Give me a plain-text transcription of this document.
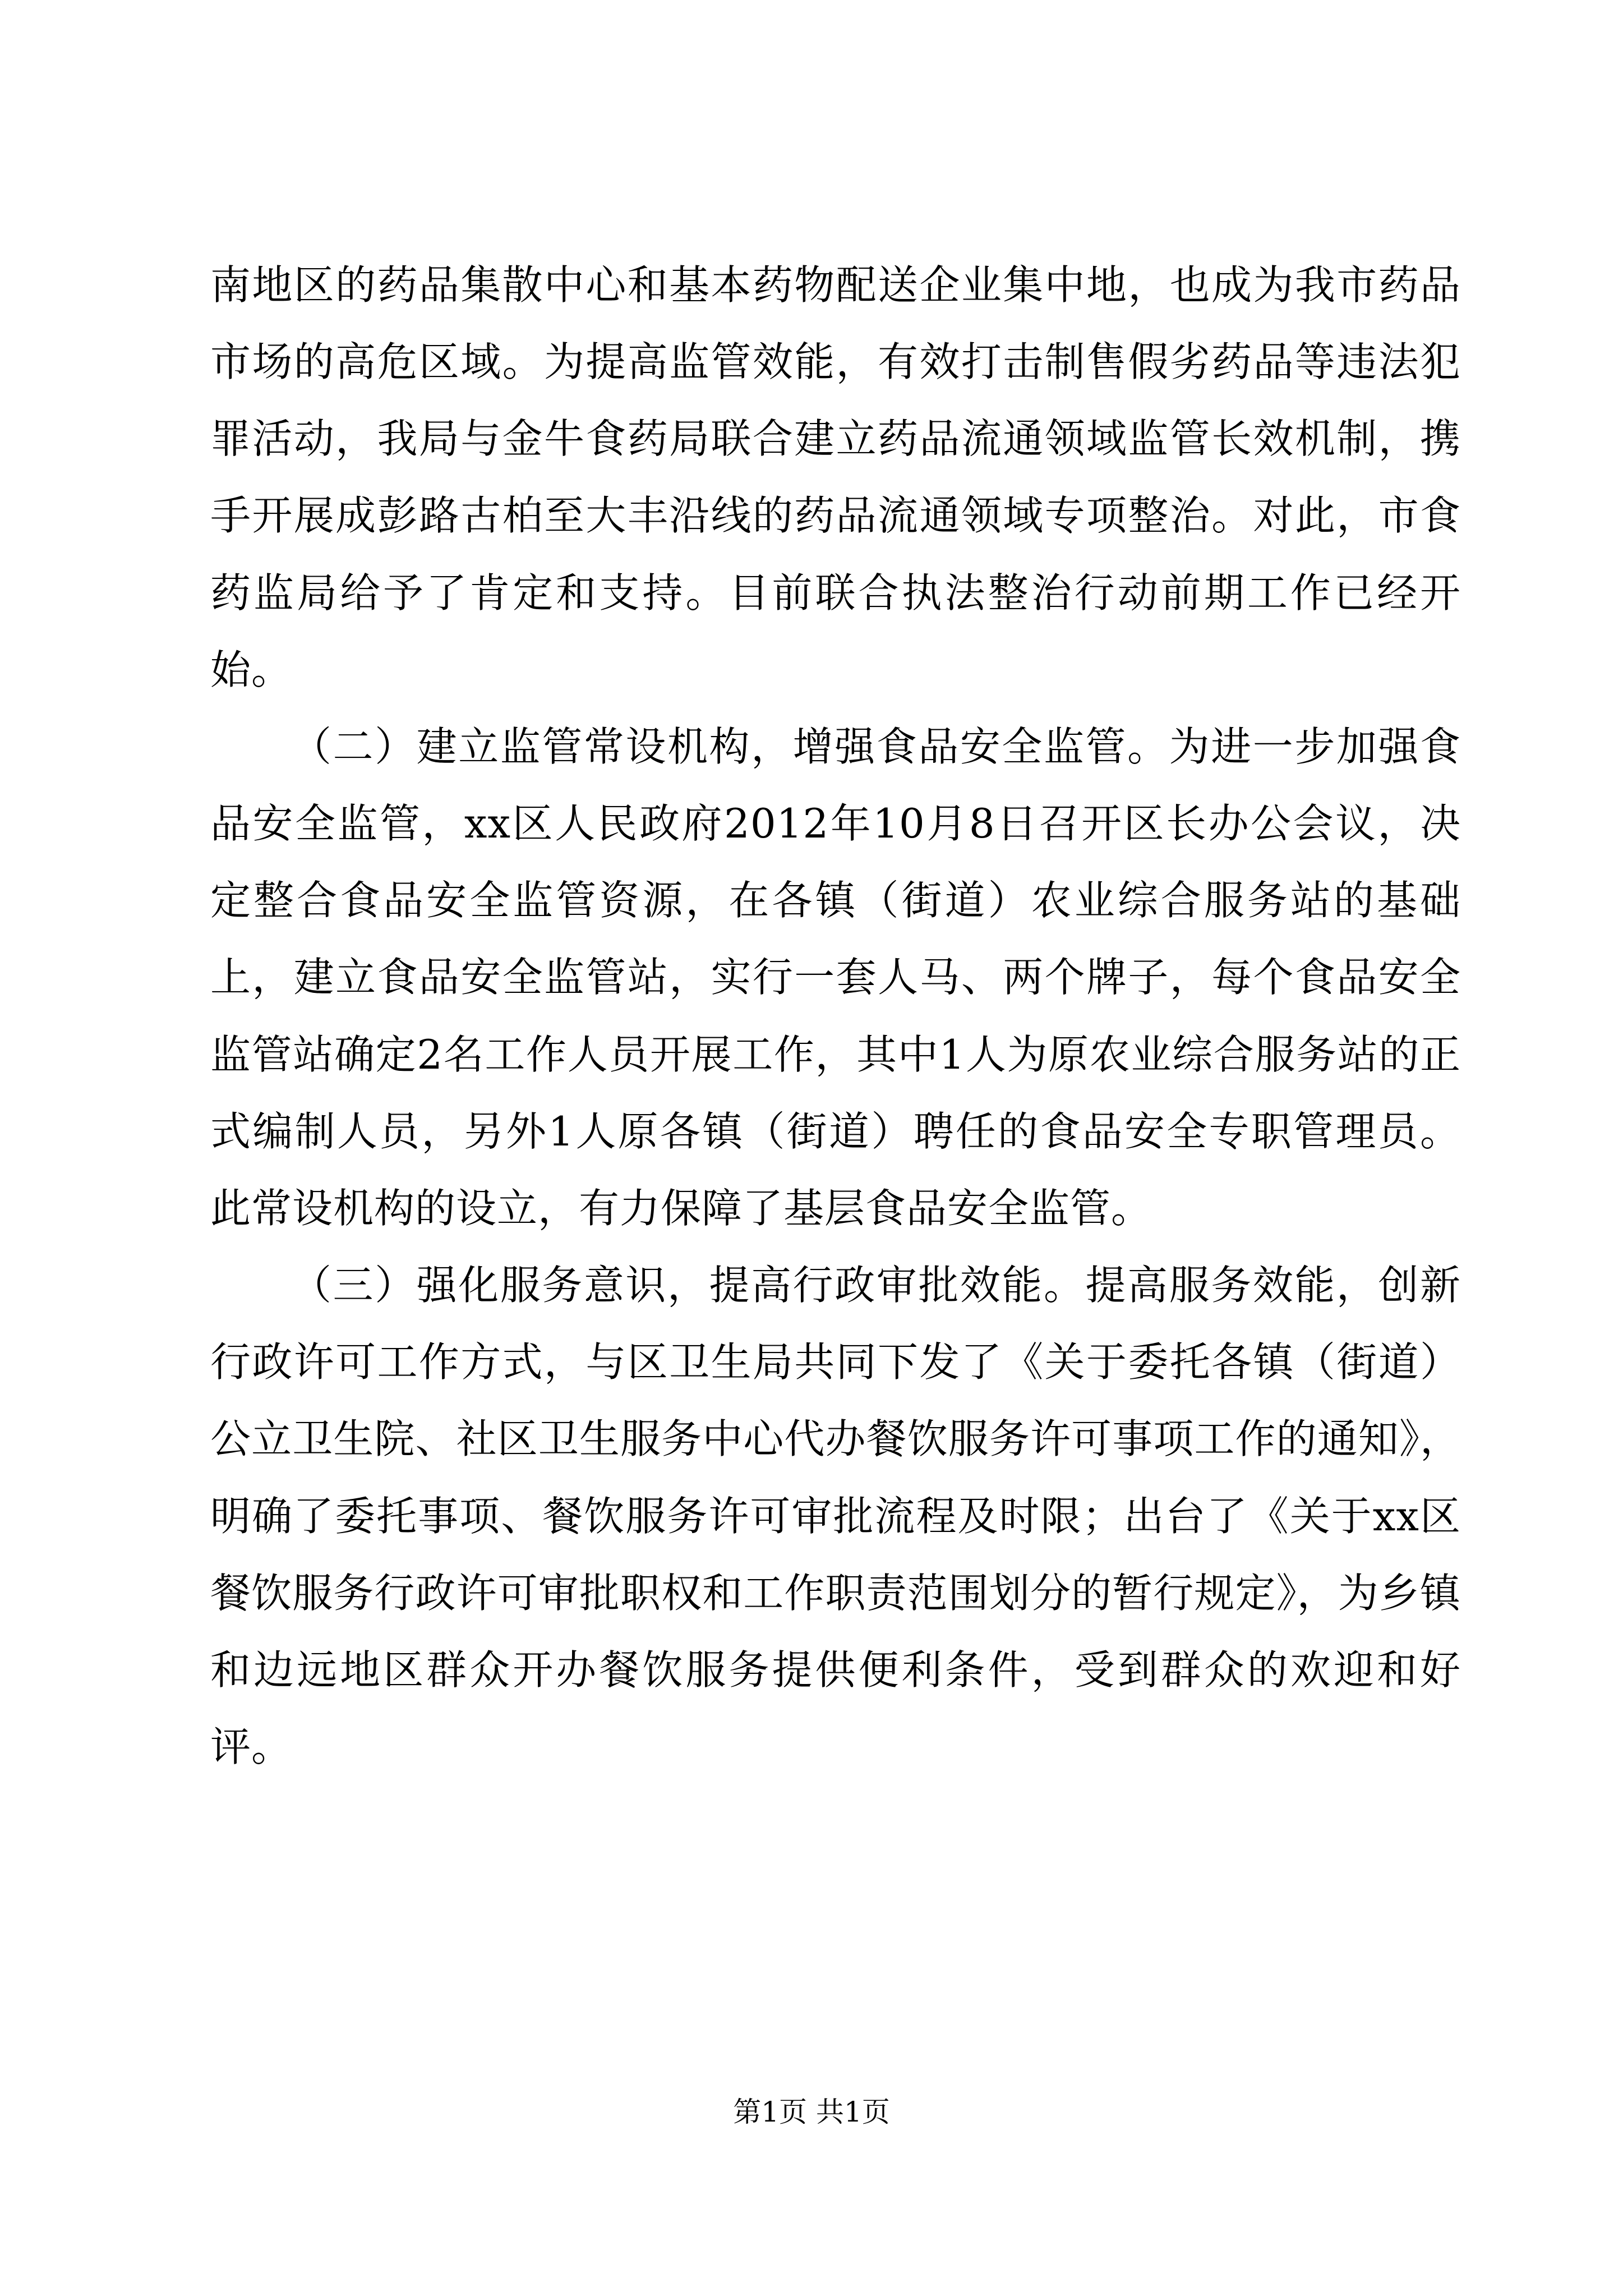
南地区的药品集散中心和基本药物配送企业集中地，也成为我市药品市场的高危区域。为提高监管效能，有效打击制售假劣药品等违法犯罪活动，我局与金牛食药局联合建立药品流通领域监管长效机制，携手开展成彭路古柏至大丰沿线的药品流通领域专项整治。对此，市食药监局给予了肯定和支持。目前联合执法整治行动前期工作已经开始。

（二）建立监管常设机构，增强食品安全监管。为进一步加强食品安全监管，xx区人民政府2012年10月8日召开区长办公会议，决定整合食品安全监管资源，在各镇（街道）农业综合服务站的基础上，建立食品安全监管站，实行一套人马、两个牌子，每个食品安全监管站确定2名工作人员开展工作，其中1人为原农业综合服务站的正式编制人员，另外1人原各镇（街道）聘任的食品安全专职管理员。此常设机构的设立，有力保障了基层食品安全监管。

（三）强化服务意识，提高行政审批效能。提高服务效能，创新行政许可工作方式，与区卫生局共同下发了《关于委托各镇（街道）公立卫生院、社区卫生服务中心代办餐饮服务许可事项工作的通知》，明确了委托事项、餐饮服务许可审批流程及时限；出台了《关于xx区餐饮服务行政许可审批职权和工作职责范围划分的暂行规定》，为乡镇和边远地区群众开办餐饮服务提供便利条件，受到群众的欢迎和好评。

第1页 共1页
